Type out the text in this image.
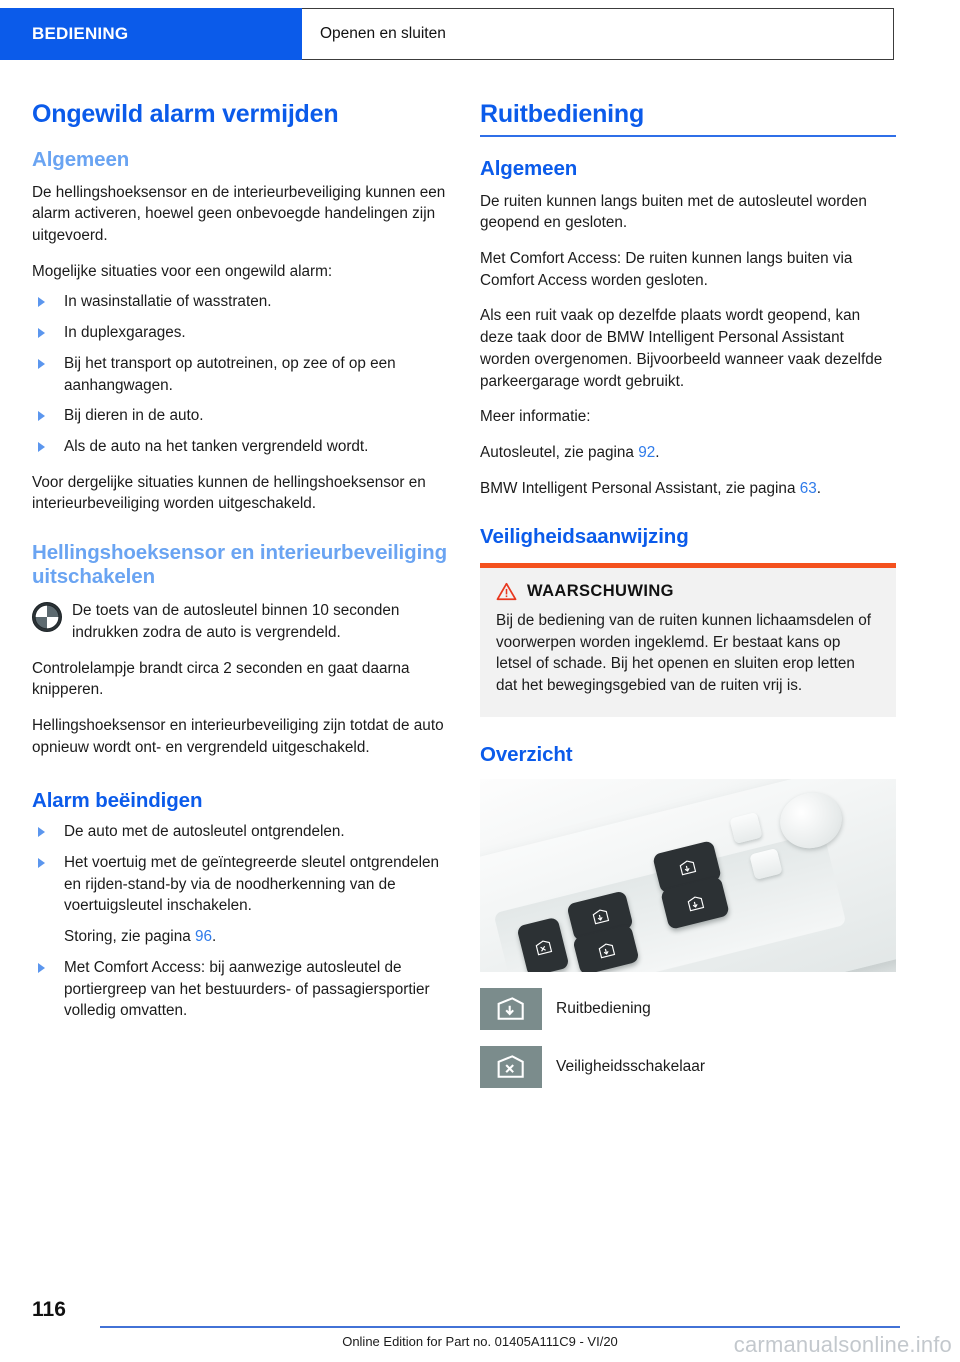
BEDIENING	Openen en sluiten
Ongewild alarm vermijden
Algemeen

De hellingshoeksensor en de interieurbeveiliging kunnen een alarm activeren, hoewel geen onbevoegde handelingen zijn uitgevoerd.

Mogelijke situaties voor een ongewild alarm:

In wasinstallatie of wasstraten.
In duplexgarages.
Bij het transport op autotreinen, op zee of op een aanhangwagen.
Bij dieren in de auto.
Als de auto na het tanken vergrendeld wordt.

Voor dergelijke situaties kunnen de hellingshoeksensor en interieurbeveiliging worden uitgeschakeld.

Hellingshoeksensor en interieurbeveiliging uitschakelen

De toets van de autosleutel binnen 10 seconden indrukken zodra de auto is vergrendeld.

Controlelampje brandt circa 2 seconden en gaat daarna knipperen.

Hellingshoeksensor en interieurbeveiliging zijn totdat de auto opnieuw wordt ont- en vergrendeld uitgeschakeld.

Alarm beëindigen
De auto met de autosleutel ontgrendelen.
Het voertuig met de geïntegreerde sleutel ontgrendelen en rijden-stand-by via de noodherkenning van de voertuigsleutel inschakelen.
Storing, zie pagina 96.
Met Comfort Access: bij aanwezige autosleutel de portiergreep van het bestuurders- of passagiersportier volledig omvatten.
Ruitbediening
Algemeen

De ruiten kunnen langs buiten met de autosleutel worden geopend en gesloten.

Met Comfort Access: De ruiten kunnen langs buiten via Comfort Access worden gesloten.

Als een ruit vaak op dezelfde plaats wordt geopend, kan deze taak door de BMW Intelligent Personal Assistant worden overgenomen. Bijvoorbeeld wanneer vaak dezelfde parkeergarage wordt gebruikt.

Meer informatie:

Autosleutel, zie pagina 92.

BMW Intelligent Personal Assistant, zie pagina 63.

Veiligheidsaanwijzing
WAARSCHUWING
Bij de bediening van de ruiten kunnen lichaamsdelen of voorwerpen worden ingeklemd. Er bestaat kans op letsel of schade. Bij het openen en sluiten erop letten dat het bewegingsgebied van de ruiten vrij is.
Overzicht
Ruitbediening
Veiligheidsschakelaar
116
Online Edition for Part no. 01405A111C9 - VI/20	carmanualsonline.info
